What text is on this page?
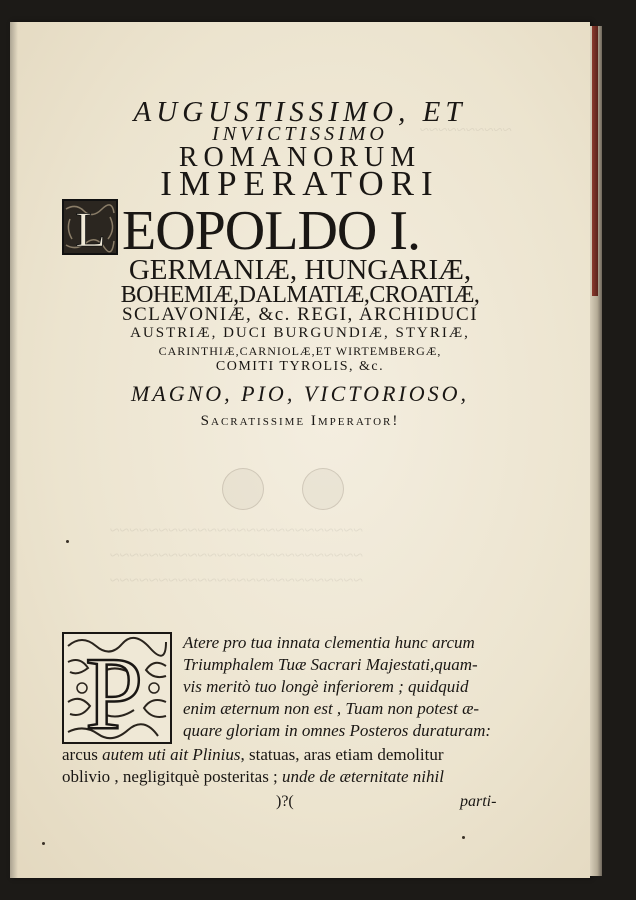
~~~~~~~~~~
~~~~~~~~~~~~~~~~~~~~~~~~~~
~~~~~~~~~~~~~~~~~~~~~~~~~~
~~~~~~~~~~~~~~~~~~~~~~~~~~
AUGUSTISSIMO, ET
INVICTISSIMO
ROMANORUM
IMPERATORI
L EOPOLDO I.
GERMANIÆ, HUNGARIÆ,
BOHEMIÆ,DALMATIÆ,CROATIÆ,
SCLAVONIÆ, &c. REGI, ARCHIDUCI
AUSTRIÆ, DUCI BURGUNDIÆ, STYRIÆ,
CARINTHIÆ,CARNIOLÆ,ET WIRTEMBERGÆ,
COMITI TYROLIS, &c.
MAGNO, PIO, VICTORIOSO,
Sacratissime Imperator!
P Atere pro tua innata clementia hunc arcum
Triumphalem Tuæ Sacrari Majestati,quam-
vis meritò tuo longè inferiorem ; quidquid
enim æternum non est , Tuam non potest æ-
quare gloriam in omnes Posteros duraturam:
arcus autem uti ait Plinius, statuas, aras etiam demolitur
oblivio , negligitquè posteritas ; unde de æternitate nihil
)?(	parti-
